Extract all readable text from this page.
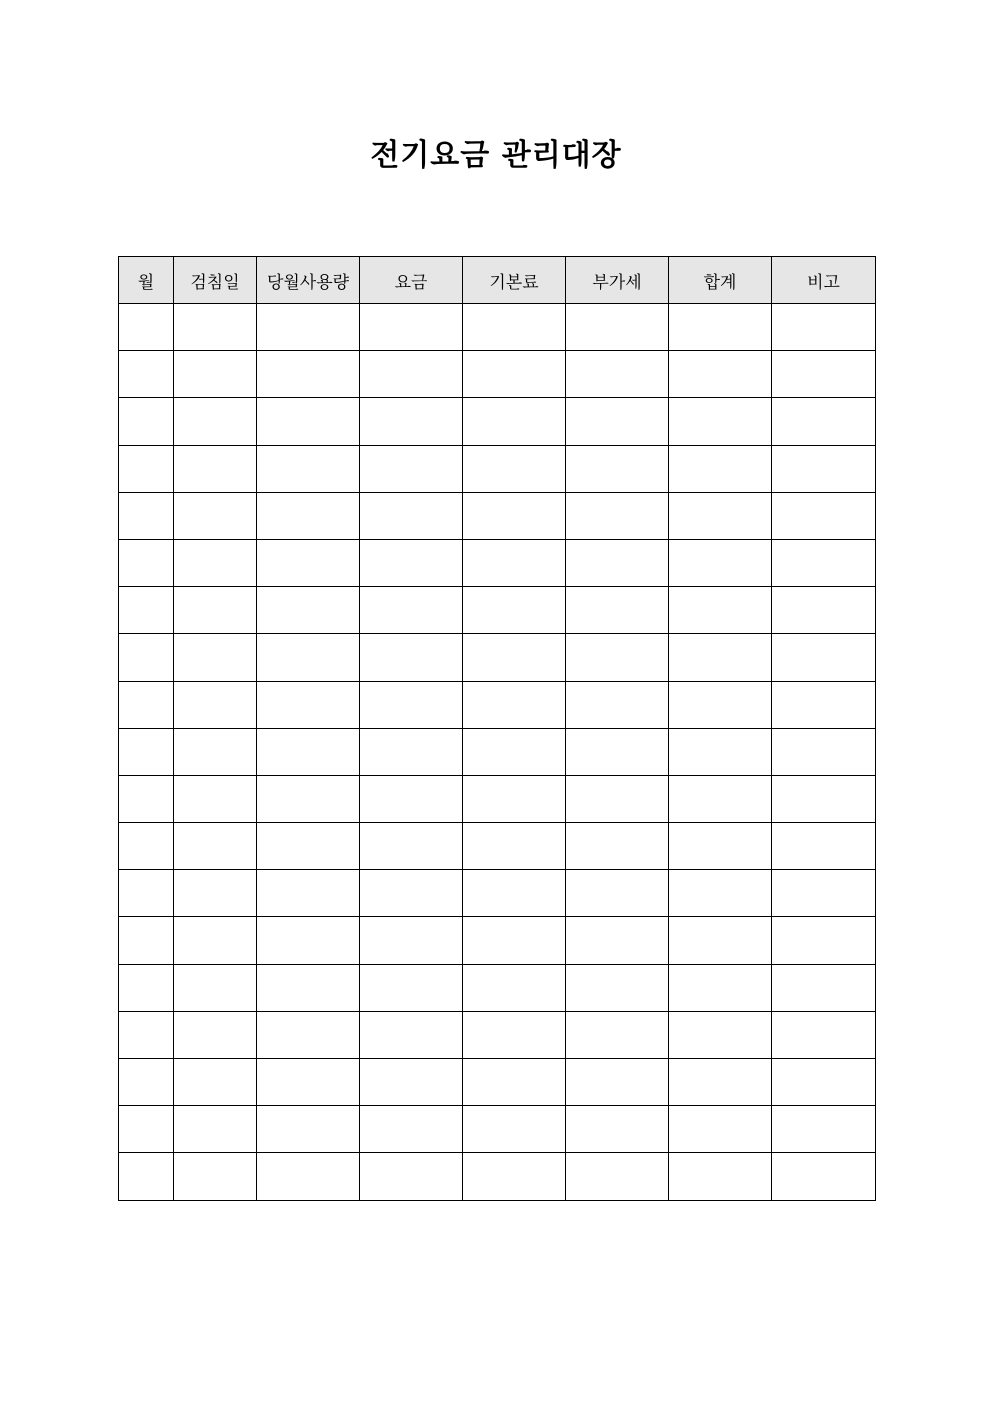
전기요금 관리대장
월	검침일	당월사용량	요금	기본료	부가세	합계	비고
